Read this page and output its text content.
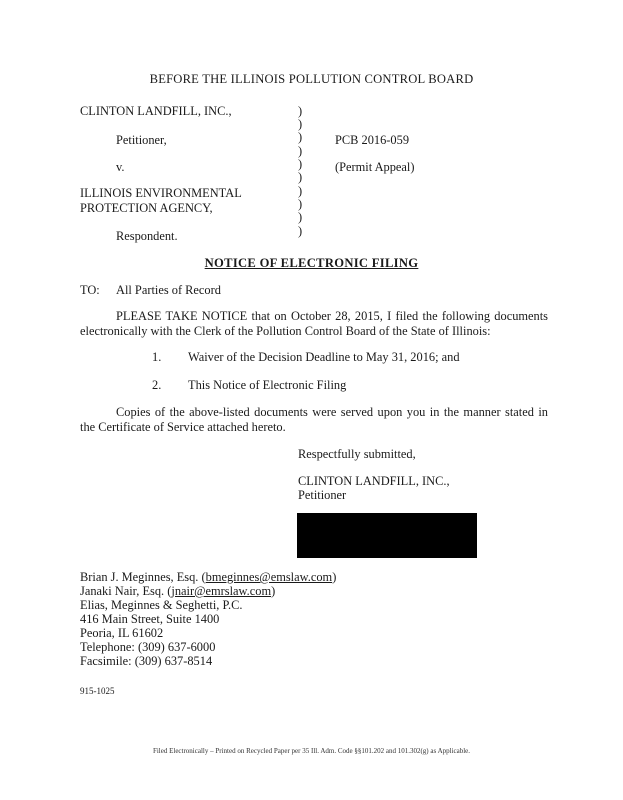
BEFORE THE ILLINOIS POLLUTION CONTROL BOARD
CLINTON LANDFILL, INC.,
Petitioner,
v.
ILLINOIS ENVIRONMENTAL
PROTECTION AGENCY,
Respondent.
)
)
)
)
)
)
)
)
)
)
PCB 2016-059
(Permit Appeal)
NOTICE OF ELECTRONIC FILING
TO: All Parties of Record
PLEASE TAKE NOTICE that on October 28, 2015, I filed the following documents electronically with the Clerk of the Pollution Control Board of the State of Illinois:
1. Waiver of the Decision Deadline to May 31, 2016; and
2. This Notice of Electronic Filing
Copies of the above-listed documents were served upon you in the manner stated in the Certificate of Service attached hereto.
Respectfully submitted,
CLINTON LANDFILL, INC.,
Petitioner
Brian J. Meginnes, Esq. (bmeginnes@emslaw.com)
Janaki Nair, Esq. (jnair@emrslaw.com)
Elias, Meginnes & Seghetti, P.C.
416 Main Street, Suite 1400
Peoria, IL 61602
Telephone: (309) 637-6000
Facsimile: (309) 637-8514
915-1025
Filed Electronically – Printed on Recycled Paper per 35 Ill. Adm. Code §§101.202 and 101.302(g) as Applicable.
